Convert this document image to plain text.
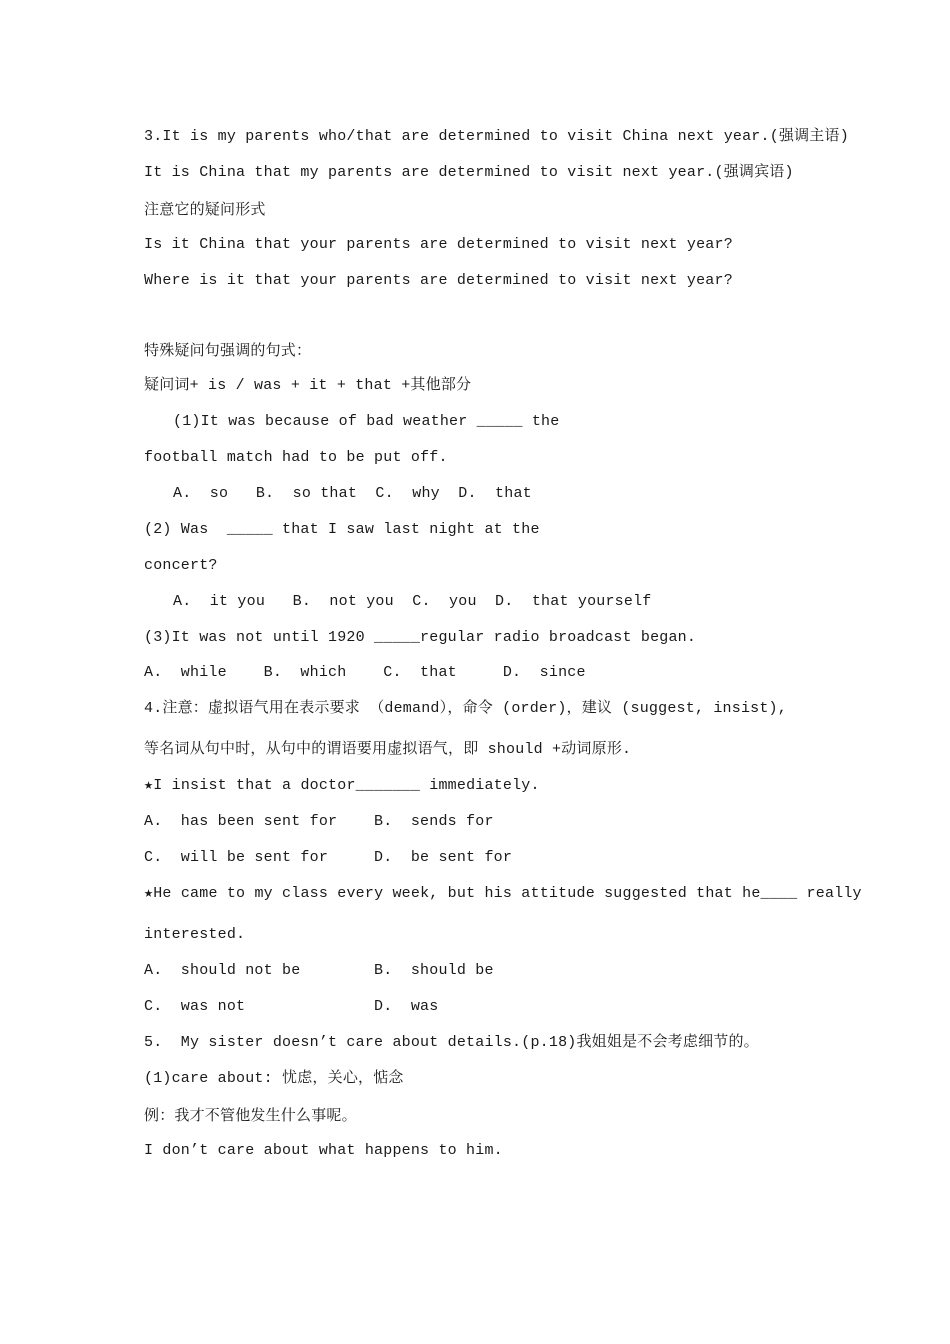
3.It is my parents who/that are determined to visit China next year.(强调主语)
It is China that my parents are determined to visit next year.(强调宾语)
注意它的疑问形式
Is it China that your parents are determined to visit next year?
Where is it that your parents are determined to visit next year?
特殊疑问句强调的句式：
疑问词+ is / was + it + that +其他部分
(1)It was because of bad weather _____ the
football match had to be put off.
A.  so   B.  so that  C.  why  D.  that
(2) Was  _____ that I saw last night at the
concert?
A.  it you   B.  not you  C.  you  D.  that yourself
(3)It was not until 1920 _____regular radio broadcast began.
A.  while    B.  which    C.  that     D.  since
4.注意：虚拟语气用在表示要求 （demand），命令 (order)，建议 (suggest, insist),
等名词从句中时，从句中的谓语要用虚拟语气，即 should +动词原形.
★I insist that a doctor_______ immediately.
A.  has been sent for    B.  sends for
C.  will be sent for     D.  be sent for
★He came to my class every week, but his attitude suggested that he____ really
interested.
A.  should not be        B.  should be
C.  was not              D.  was
5.  My sister doesn’t care about details.(p.18)我姐姐是不会考虑细节的。
(1)care about: 忧虑，关心，惦念
例：我才不管他发生什么事呢。
I don’t care about what happens to him.
